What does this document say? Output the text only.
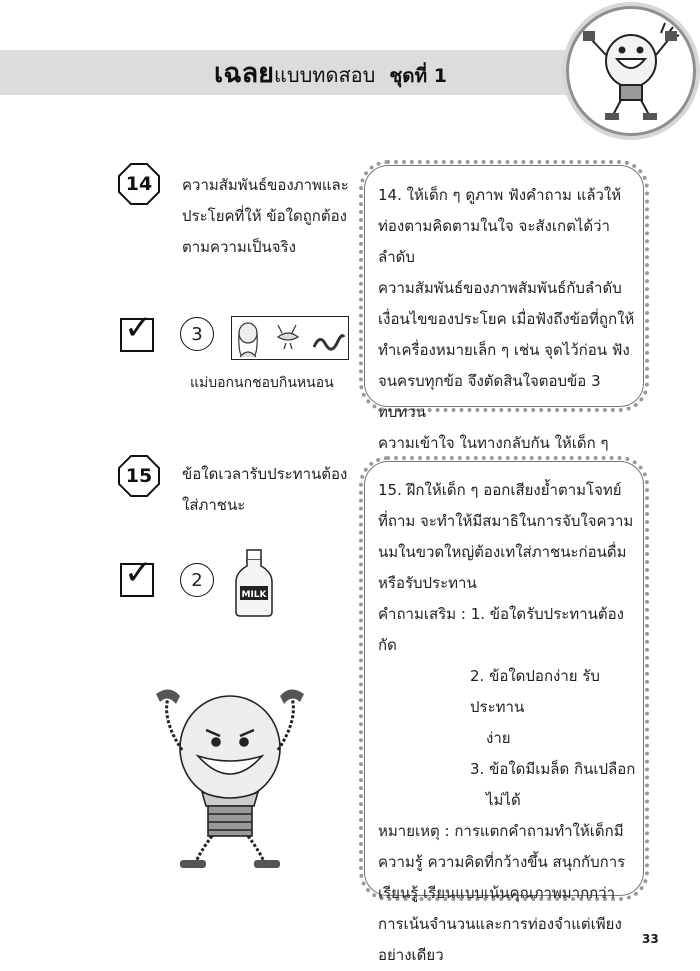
เฉลยแบบทดสอบ ชุดที่ 1
14	ความสัมพันธ์ของภาพและ
ประโยคที่ให้ ข้อใดถูกต้อง
ตามความเป็นจริง
✓	3
แม่บอกนกชอบกินหนอน

14. ให้เด็ก ๆ ดูภาพ ฟังคำถาม แล้วให้

ท่องตามคิดตามในใจ จะสังเกตได้ว่า ลำดับ

ความสัมพันธ์ของภาพสัมพันธ์กับลำดับ

เงื่อนไขของประโยค เมื่อฟังถึงข้อที่ถูกให้

ทำเครื่องหมายเล็ก ๆ เช่น จุดไว้ก่อน ฟัง

จนครบทุกข้อ จึงตัดสินใจตอบข้อ 3 ทบทวน

ความเข้าใจ ในทางกลับกัน ให้เด็ก ๆ

15	ข้อใดเวลารับประทานต้อง
ใส่ภาชนะ
✓	2
MILK

15. ฝึกให้เด็ก ๆ ออกเสียงย้ำตามโจทย์

ที่ถาม จะทำให้มีสมาธิในการจับใจความ

นมในขวดใหญ่ต้องเทใส่ภาชนะก่อนดื่ม

หรือรับประทาน

คำถามเสริม : 1. ข้อใดรับประทานต้องกัด

2. ข้อใดปอกง่าย รับประทาน

ง่าย

3. ข้อใดมีเมล็ด กินเปลือก

ไม่ได้

หมายเหตุ : การแตกคำถามทำให้เด็กมี

ความรู้ ความคิดที่กว้างขึ้น สนุกกับการ

เรียนรู้ เรียนแบบเน้นคุณภาพมากกว่า

การเน้นจำนวนและการท่องจำแต่เพียง

อย่างเดียว

33
